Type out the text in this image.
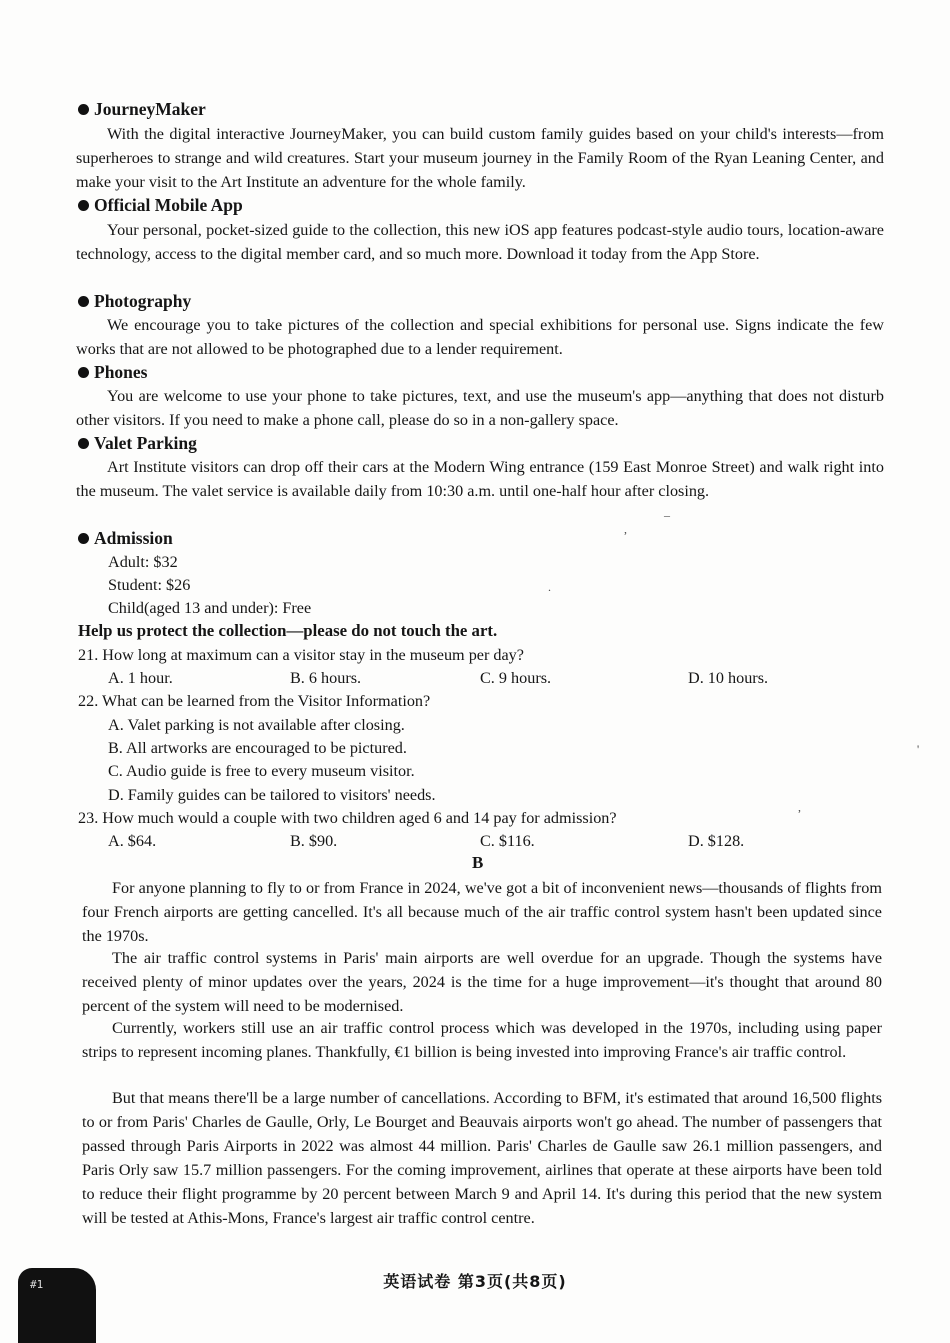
JourneyMaker

With the digital interactive JourneyMaker, you can build custom family guides based on your child's interests—from superheroes to strange and wild creatures. Start your museum journey in the Family Room of the Ryan Leaning Center, and make your visit to the Art Institute an adventure for the whole family.

Official Mobile App

Your personal, pocket-sized guide to the collection, this new iOS app features podcast-style audio tours, location-aware technology, access to the digital member card, and so much more. Download it today from the App Store.

Photography

We encourage you to take pictures of the collection and special exhibitions for personal use. Signs indicate the few works that are not allowed to be photographed due to a lender requirement.

Phones

You are welcome to use your phone to take pictures, text, and use the museum's app—anything that does not disturb other visitors. If you need to make a phone call, please do so in a non-gallery space.

Valet Parking

Art Institute visitors can drop off their cars at the Modern Wing entrance (159 East Monroe Street) and walk right into the museum. The valet service is available daily from 10:30 a.m. until one-half hour after closing.

Admission
Adult: $32
Student: $26
Child(aged 13 and under): Free
Help us protect the collection—please do not touch the art.
21. How long at maximum can a visitor stay in the museum per day?
A. 1 hour.	B. 6 hours.	C. 9 hours.	D. 10 hours.
22. What can be learned from the Visitor Information?
A. Valet parking is not available after closing.
B. All artworks are encouraged to be pictured.
C. Audio guide is free to every museum visitor.
D. Family guides can be tailored to visitors' needs.
23. How much would a couple with two children aged 6 and 14 pay for admission?
A. $64.	B. $90.	C. $116.	D. $128.
B

For anyone planning to fly to or from France in 2024, we've got a bit of inconvenient news—thousands of flights from four French airports are getting cancelled. It's all because much of the air traffic control system hasn't been updated since the 1970s.

The air traffic control systems in Paris' main airports are well overdue for an upgrade. Though the systems have received plenty of minor updates over the years, 2024 is the time for a huge improvement—it's thought that around 80 percent of the system will need to be modernised.

Currently, workers still use an air traffic control process which was developed in the 1970s, including using paper strips to represent incoming planes. Thankfully, €1 billion is being invested into improving France's air traffic control.

But that means there'll be a large number of cancellations. According to BFM, it's estimated that around 16,500 flights to or from Paris' Charles de Gaulle, Orly, Le Bourget and Beauvais airports won't go ahead. The number of passengers that passed through Paris Airports in 2022 was almost 44 million. Paris' Charles de Gaulle saw 26.1 million passengers, and Paris Orly saw 15.7 million passengers. For the coming improvement, airlines that operate at these airports have been told to reduce their flight programme by 20 percent between March 9 and April 14. It's during this period that the new system will be tested at Athis-Mons, France's largest air traffic control centre.

英语试卷 第3页(共8页)
#1
,
–
.
'
,
